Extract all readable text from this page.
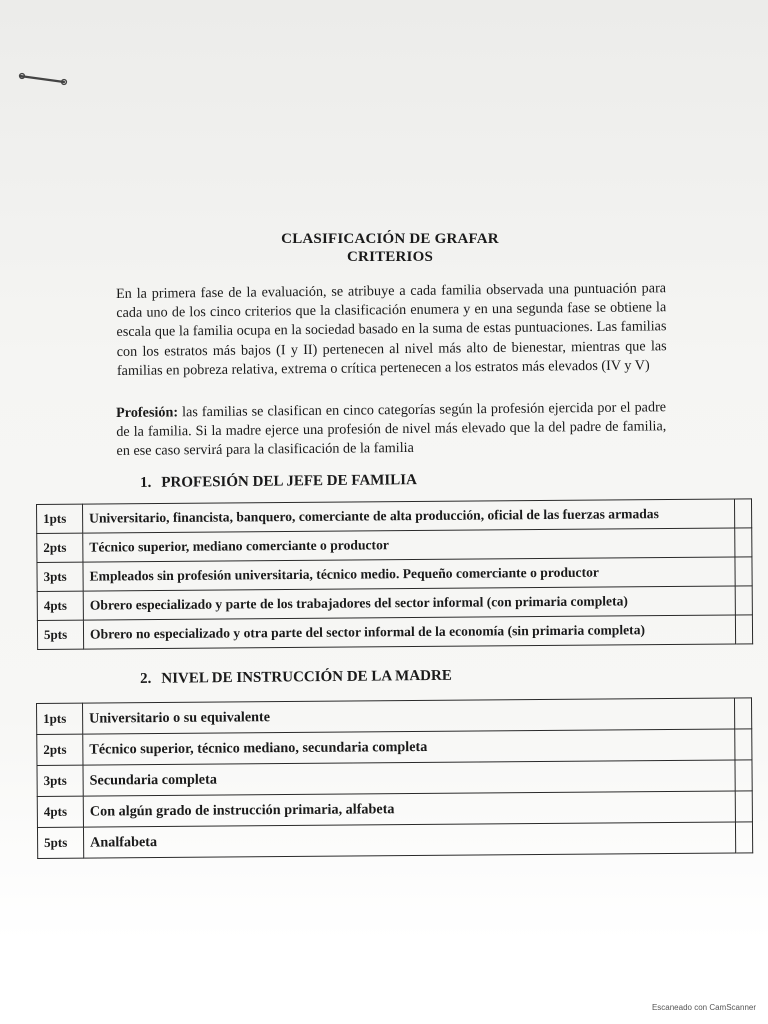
CLASIFICACIÓN DE GRAFAR
CRITERIOS
En la primera fase de la evaluación, se atribuye a cada familia observada una puntuación para cada uno de los cinco criterios que la clasificación enumera y en una segunda fase se obtiene la escala que la familia ocupa en la sociedad basado en la suma de estas puntuaciones. Las familias con los estratos más bajos (I y II) pertenecen al nivel más alto de bienestar, mientras que las familias en pobreza relativa, extrema o crítica pertenecen a los estratos más elevados (IV y V)
Profesión: las familias se clasifican en cinco categorías según la profesión ejercida por el padre de la familia. Si la madre ejerce una profesión de nivel más elevado que la del padre de familia, en ese caso servirá para la clasificación de la familia
1. PROFESIÓN DEL JEFE DE FAMILIA
1pts	Universitario, financista, banquero, comerciante de alta producción, oficial de las fuerzas armadas	
2pts	Técnico superior, mediano comerciante o productor	
3pts	Empleados sin profesión universitaria, técnico medio. Pequeño comerciante o productor	
4pts	Obrero especializado y parte de los trabajadores del sector informal (con primaria completa)	
5pts	Obrero no especializado y otra parte del sector informal de la economía (sin primaria completa)	
2. NIVEL DE INSTRUCCIÓN DE LA MADRE
1pts	Universitario o su equivalente	
2pts	Técnico superior, técnico mediano, secundaria completa	
3pts	Secundaria completa	
4pts	Con algún grado de instrucción primaria, alfabeta	
5pts	Analfabeta	
Escaneado con CamScanner
